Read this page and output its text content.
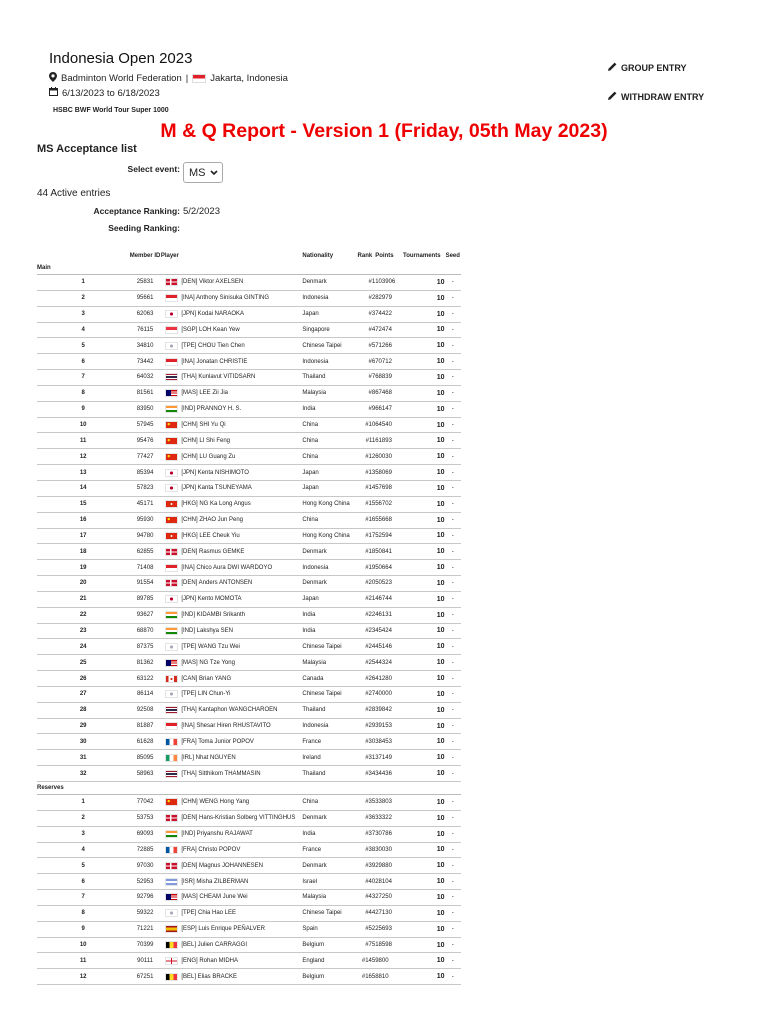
Indonesia Open 2023
Badminton World Federation | Jakarta, Indonesia
6/13/2023 to 6/18/2023
HSBC BWF World Tour Super 1000
GROUP ENTRY
WITHDRAW ENTRY
M & Q Report - Version 1 (Friday, 05th May 2023)
MS Acceptance list
Select event: MS
44 Active entries
Acceptance Ranking: 5/2/2023
Seeding Ranking:
	Member ID	Player		Nationality	Rank	Points	Tournaments	Seed
Main								
1	25831		[DEN] Viktor AXELSEN	Denmark	#1	103906	10	-
2	95661		[INA] Anthony Sinisuka GINTING	Indonesia	#2	82979	10	-
3	62063		[JPN] Kodai NARAOKA	Japan	#3	74422	10	-
4	76115		[SGP] LOH Kean Yew	Singapore	#4	72474	10	-
5	34810		[TPE] CHOU Tien Chen	Chinese Taipei	#5	71266	10	-
6	73442		[INA] Jonatan CHRISTIE	Indonesia	#6	70712	10	-
7	64032		[THA] Kunlavut VITIDSARN	Thailand	#7	68839	10	-
8	81561		[MAS] LEE Zii Jia	Malaysia	#8	67468	10	-
9	83950		[IND] PRANNOY H. S.	India	#9	66147	10	-
10	57945		[CHN] SHI Yu Qi	China	#10	64540	10	-
11	95476		[CHN] LI Shi Feng	China	#11	61893	10	-
12	77427		[CHN] LU Guang Zu	China	#12	60030	10	-
13	85394		[JPN] Kenta NISHIMOTO	Japan	#13	58069	10	-
14	57823		[JPN] Kanta TSUNEYAMA	Japan	#14	57698	10	-
15	45171		[HKG] NG Ka Long Angus	Hong Kong China	#15	56702	10	-
16	95930		[CHN] ZHAO Jun Peng	China	#16	55668	10	-
17	94780		[HKG] LEE Cheuk Yiu	Hong Kong China	#17	52594	10	-
18	62855		[DEN] Rasmus GEMKE	Denmark	#18	50841	10	-
19	71408		[INA] Chico Aura DWI WARDOYO	Indonesia	#19	50664	10	-
20	91554		[DEN] Anders ANTONSEN	Denmark	#20	50523	10	-
21	89785		[JPN] Kento MOMOTA	Japan	#21	46744	10	-
22	93627		[IND] KIDAMBI Srikanth	India	#22	46131	10	-
23	68870		[IND] Lakshya SEN	India	#23	45424	10	-
24	87375		[TPE] WANG Tzu Wei	Chinese Taipei	#24	45146	10	-
25	81362		[MAS] NG Tze Yong	Malaysia	#25	44324	10	-
26	63122		[CAN] Brian YANG	Canada	#26	41280	10	-
27	86114		[TPE] LIN Chun-Yi	Chinese Taipei	#27	40000	10	-
28	92508		[THA] Kantaphon WANGCHAROEN	Thailand	#28	39842	10	-
29	81887		[INA] Shesar Hiren RHUSTAVITO	Indonesia	#29	39153	10	-
30	61628		[FRA] Toma Junior POPOV	France	#30	38453	10	-
31	85095		[IRL] Nhat NGUYEN	Ireland	#31	37149	10	-
32	58963		[THA] Sitthikom THAMMASIN	Thailand	#34	34436	10	-
Reserves								
1	77042		[CHN] WENG Hong Yang	China	#35	33803	10	-
2	53753		[DEN] Hans-Kristian Solberg VITTINGHUS	Denmark	#36	33322	10	-
3	69093		[IND] Priyanshu RAJAWAT	India	#37	30786	10	-
4	72885		[FRA] Christo POPOV	France	#38	30030	10	-
5	97030		[DEN] Magnus JOHANNESEN	Denmark	#39	29880	10	-
6	52953		[ISR] Misha ZILBERMAN	Israel	#40	28104	10	-
7	92796		[MAS] CHEAM June Wei	Malaysia	#43	27250	10	-
8	59322		[TPE] Chia Hao LEE	Chinese Taipei	#44	27130	10	-
9	71221		[ESP] Luis Enrique PEÑALVER	Spain	#52	25693	10	-
10	70399		[BEL] Julien CARRAGGI	Belgium	#75	18598	10	-
11	90111		[ENG] Rohan MIDHA	England	#145	9800	10	-
12	67251		[BEL] Elias BRACKE	Belgium	#165	8810	10	-
